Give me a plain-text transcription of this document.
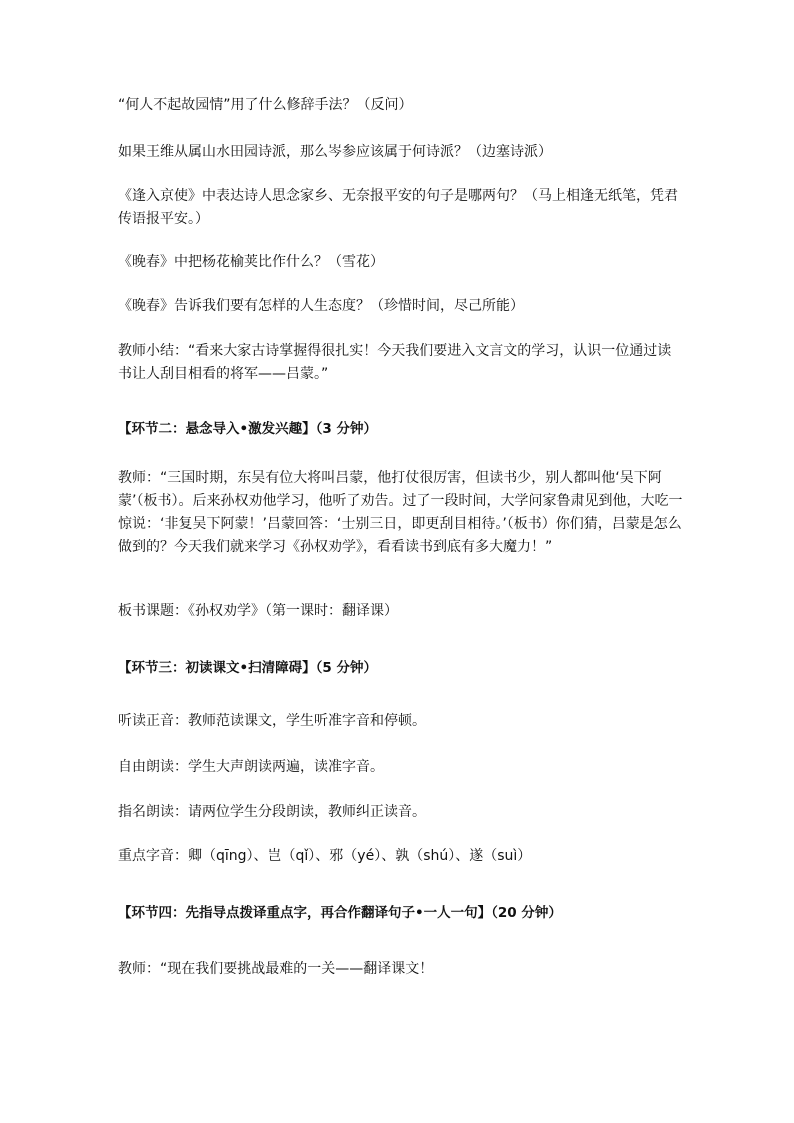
“何人不起故园情”用了什么修辞手法？（反问）
如果王维从属山水田园诗派，那么岑参应该属于何诗派？（边塞诗派）
《逢入京使》中表达诗人思念家乡、无奈报平安的句子是哪两句？（马上相逢无纸笔，凭君传语报平安。）
《晚春》中把杨花榆荚比作什么？（雪花）
《晚春》告诉我们要有怎样的人生态度？（珍惜时间，尽己所能）
教师小结：“看来大家古诗掌握得很扎实！今天我们要进入文言文的学习，认识一位通过读书让人刮目相看的将军——吕蒙。”
【环节二：悬念导入•激发兴趣】（3 分钟）
教师：“三国时期，东吴有位大将叫吕蒙，他打仗很厉害，但读书少，别人都叫他‘吴下阿蒙’（板书）。后来孙权劝他学习，他听了劝告。过了一段时间，大学问家鲁肃见到他，大吃一惊说：‘非复吴下阿蒙！’吕蒙回答：‘士别三日，即更刮目相待。’（板书）你们猜，吕蒙是怎么做到的？今天我们就来学习《孙权劝学》，看看读书到底有多大魔力！”
板书课题：《孙权劝学》（第一课时：翻译课）
【环节三：初读课文•扫清障碍】（5 分钟）
听读正音：教师范读课文，学生听准字音和停顿。
自由朗读：学生大声朗读两遍，读准字音。
指名朗读：请两位学生分段朗读，教师纠正读音。
重点字音：卿（qīng）、岂（qǐ）、邪（yé）、孰（shú）、遂（suì）
【环节四：先指导点拨译重点字，再合作翻译句子•一人一句】（20 分钟）
教师：“现在我们要挑战最难的一关——翻译课文！
